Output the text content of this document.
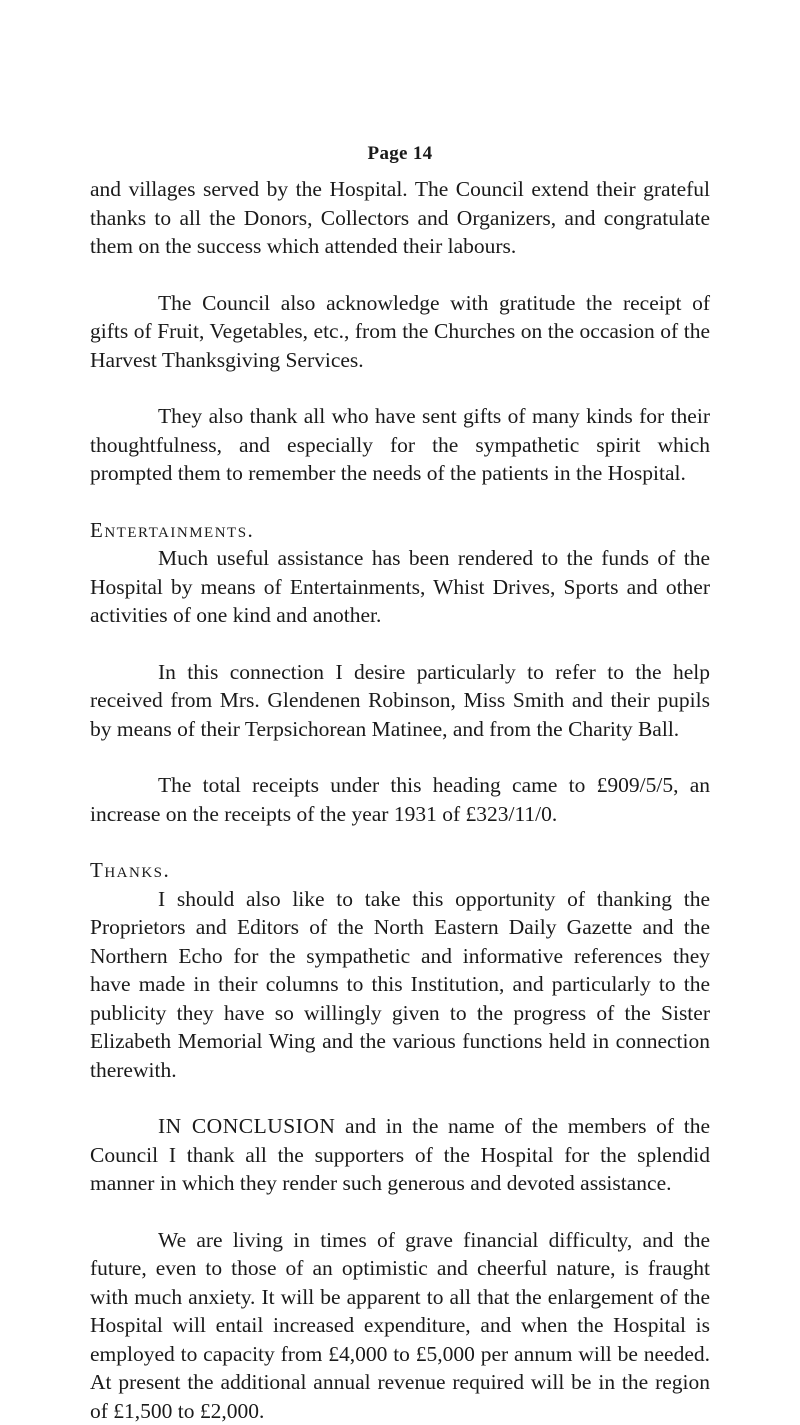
Page 14

and villages served by the Hospital. The Council extend their grateful thanks to all the Donors, Collectors and Organizers, and congratulate them on the success which attended their labours.

The Council also acknowledge with gratitude the receipt of gifts of Fruit, Vegetables, etc., from the Churches on the occasion of the Harvest Thanksgiving Services.

They also thank all who have sent gifts of many kinds for their thoughtfulness, and especially for the sympathetic spirit which prompted them to remember the needs of the patients in the Hospital.

Entertainments.

Much useful assistance has been rendered to the funds of the Hospital by means of Entertainments, Whist Drives, Sports and other activities of one kind and another.

In this connection I desire particularly to refer to the help received from Mrs. Glendenen Robinson, Miss Smith and their pupils by means of their Terpsichorean Matinee, and from the Charity Ball.

The total receipts under this heading came to £909/5/5, an increase on the receipts of the year 1931 of £323/11/0.

Thanks.

I should also like to take this opportunity of thanking the Proprietors and Editors of the North Eastern Daily Gazette and the Northern Echo for the sympathetic and informative references they have made in their columns to this Institution, and particularly to the publicity they have so willingly given to the progress of the Sister Elizabeth Memorial Wing and the various functions held in connection therewith.

IN CONCLUSION and in the name of the members of the Council I thank all the supporters of the Hospital for the splendid manner in which they render such generous and devoted assistance.

We are living in times of grave financial difficulty, and the future, even to those of an optimistic and cheerful nature, is fraught with much anxiety. It will be apparent to all that the enlargement of the Hospital will entail increased expenditure, and when the Hospital is employed to capacity from £4,000 to £5,000 per annum will be needed. At present the additional annual revenue required will be in the region of £1,500 to £2,000.
